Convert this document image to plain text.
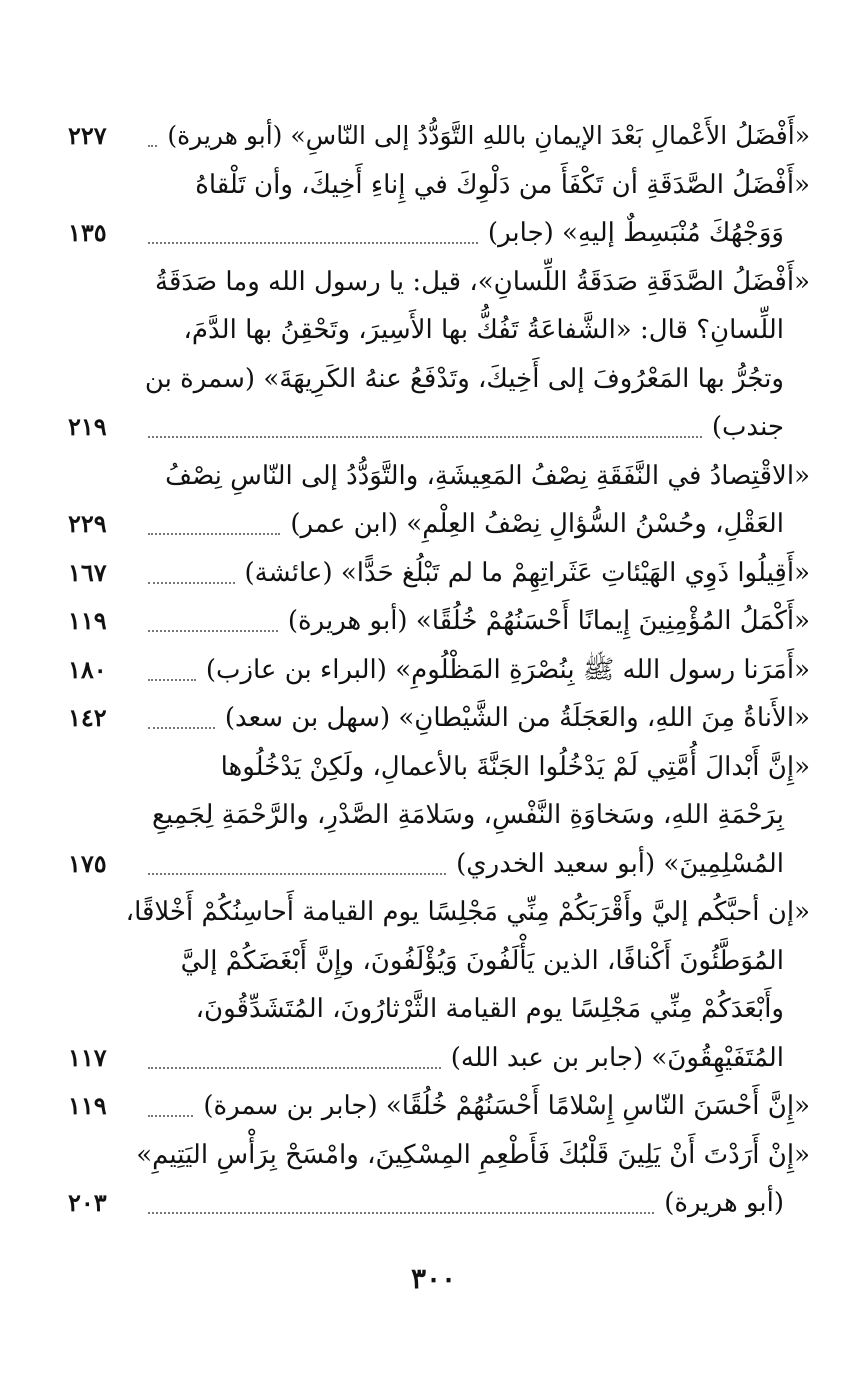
«أَفْضَلُ الأَعْمالِ بَعْدَ الإيمانِ باللهِ التَّوَدُّدُ إلى النّاسِ» (أبو هريرة)
٢٢٧
«أَفْضَلُ الصَّدَقَةِ أن تَكْفَأَ من دَلْوِكَ في إِناءِ أَخِيكَ، وأن تَلْقاهُ
وَوَجْهُكَ مُنْبَسِطٌ إليهِ» (جابر)
١٣٥
«أَفْضَلُ الصَّدَقَةِ صَدَقَةُ اللِّسانِ»، قيل: يا رسول الله وما صَدَقَةُ
اللِّسانِ؟ قال: «الشَّفاعَةُ تَفُكُّ بها الأَسِيرَ، وتَحْقِنُ بها الدَّمَ،
وتجُرُّ بها المَعْرُوفَ إلى أَخِيكَ، وتَدْفَعُ عنهُ الكَرِيهَةَ» (سمرة بن
جندب)
٢١٩
«الاقْتِصادُ في النَّفَقَةِ نِصْفُ المَعِيشَةِ، والتَّوَدُّدُ إلى النّاسِ نِصْفُ
العَقْلِ، وحُسْنُ السُّؤالِ نِصْفُ العِلْمِ» (ابن عمر)
٢٢٩
«أَقِيلُوا ذَوِي الهَيْئاتِ عَثَراتِهِمْ ما لم تَبْلُغ حَدًّا» (عائشة)
١٦٧
«أَكْمَلُ المُؤْمِنِينَ إِيمانًا أَحْسَنُهُمْ خُلُقًا» (أبو هريرة)
١١٩
«أَمَرَنا رسول الله ﷺ بِنُصْرَةِ المَظْلُومِ» (البراء بن عازب)
١٨٠
«الأَناةُ مِنَ اللهِ، والعَجَلَةُ من الشَّيْطانِ» (سهل بن سعد)
١٤٢
«إِنَّ أَبْدالَ أُمَّتِي لَمْ يَدْخُلُوا الجَنَّةَ بالأعمالِ، ولَكِنْ يَدْخُلُوها
بِرَحْمَةِ اللهِ، وسَخاوَةِ النَّفْسِ، وسَلامَةِ الصَّدْرِ، والرَّحْمَةِ لِجَمِيعِ
المُسْلِمِينَ» (أبو سعيد الخدري)
١٧٥
«إن أحبَّكُم إليَّ وأَقْرَبَكُمْ مِنِّي مَجْلِسًا يوم القيامة أَحاسِنُكُمْ أَخْلاقًا،
المُوَطَّئُونَ أَكْنافًا، الذين يَأْلَفُونَ وَيُؤْلَفُونَ، وإِنَّ أَبْغَضَكُمْ إليَّ
وأَبْعَدَكُمْ مِنِّي مَجْلِسًا يوم القيامة الثَّرْثارُونَ، المُتَشَدِّقُونَ،
المُتَفَيْهِقُونَ» (جابر بن عبد الله)
١١٧
«إِنَّ أَحْسَنَ النّاسِ إِسْلامًا أَحْسَنُهُمْ خُلُقًا» (جابر بن سمرة)
١١٩
«إِنْ أَرَدْتَ أَنْ يَلِينَ قَلْبُكَ فَأَطْعِمِ المِسْكِينَ، وامْسَحْ بِرَأْسِ اليَتِيمِ»
(أبو هريرة)
٢٠٣
٣٠٠
